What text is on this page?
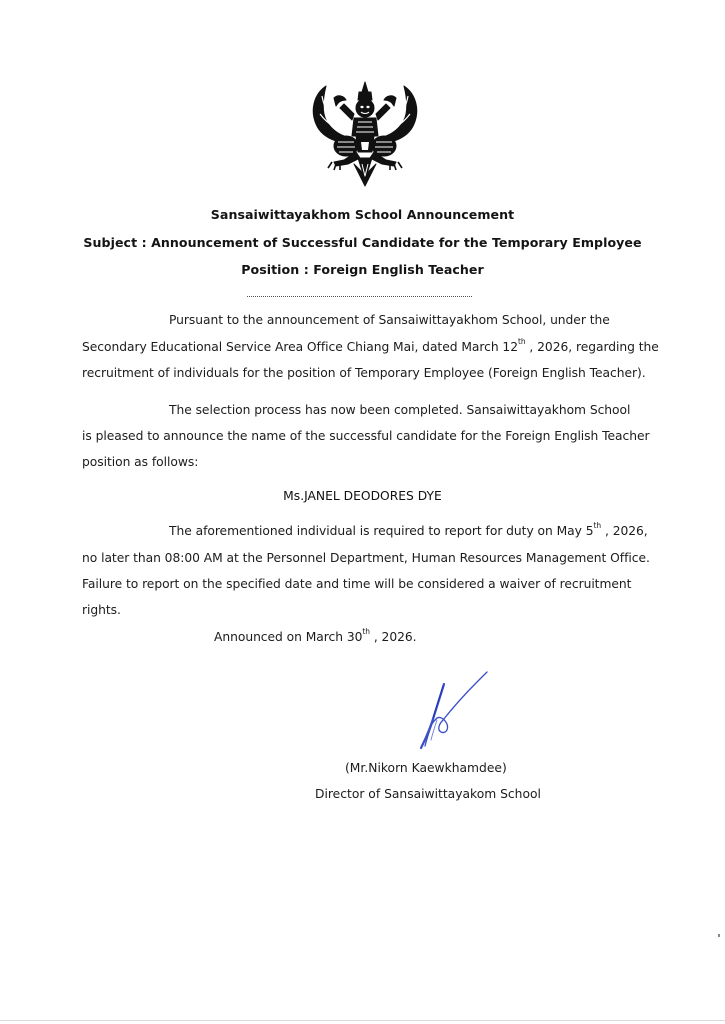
Sansaiwittayakhom School Announcement
Subject : Announcement of Successful Candidate for the Temporary Employee
Position : Foreign English Teacher
Pursuant to the announcement of Sansaiwittayakhom School, under the
Secondary Educational Service Area Office Chiang Mai, dated March 12th , 2026, regarding the
recruitment of individuals for the position of Temporary Employee (Foreign English Teacher).
The selection process has now been completed. Sansaiwittayakhom School
is pleased to announce the name of the successful candidate for the Foreign English Teacher
position as follows:
Ms.JANEL DEODORES DYE
The aforementioned individual is required to report for duty on May 5th , 2026,
no later than 08:00 AM at the Personnel Department, Human Resources Management Office.
Failure to report on the specified date and time will be considered a waiver of recruitment
rights.
Announced on March 30th , 2026.
(Mr.Nikorn Kaewkhamdee)
Director of Sansaiwittayakom School
